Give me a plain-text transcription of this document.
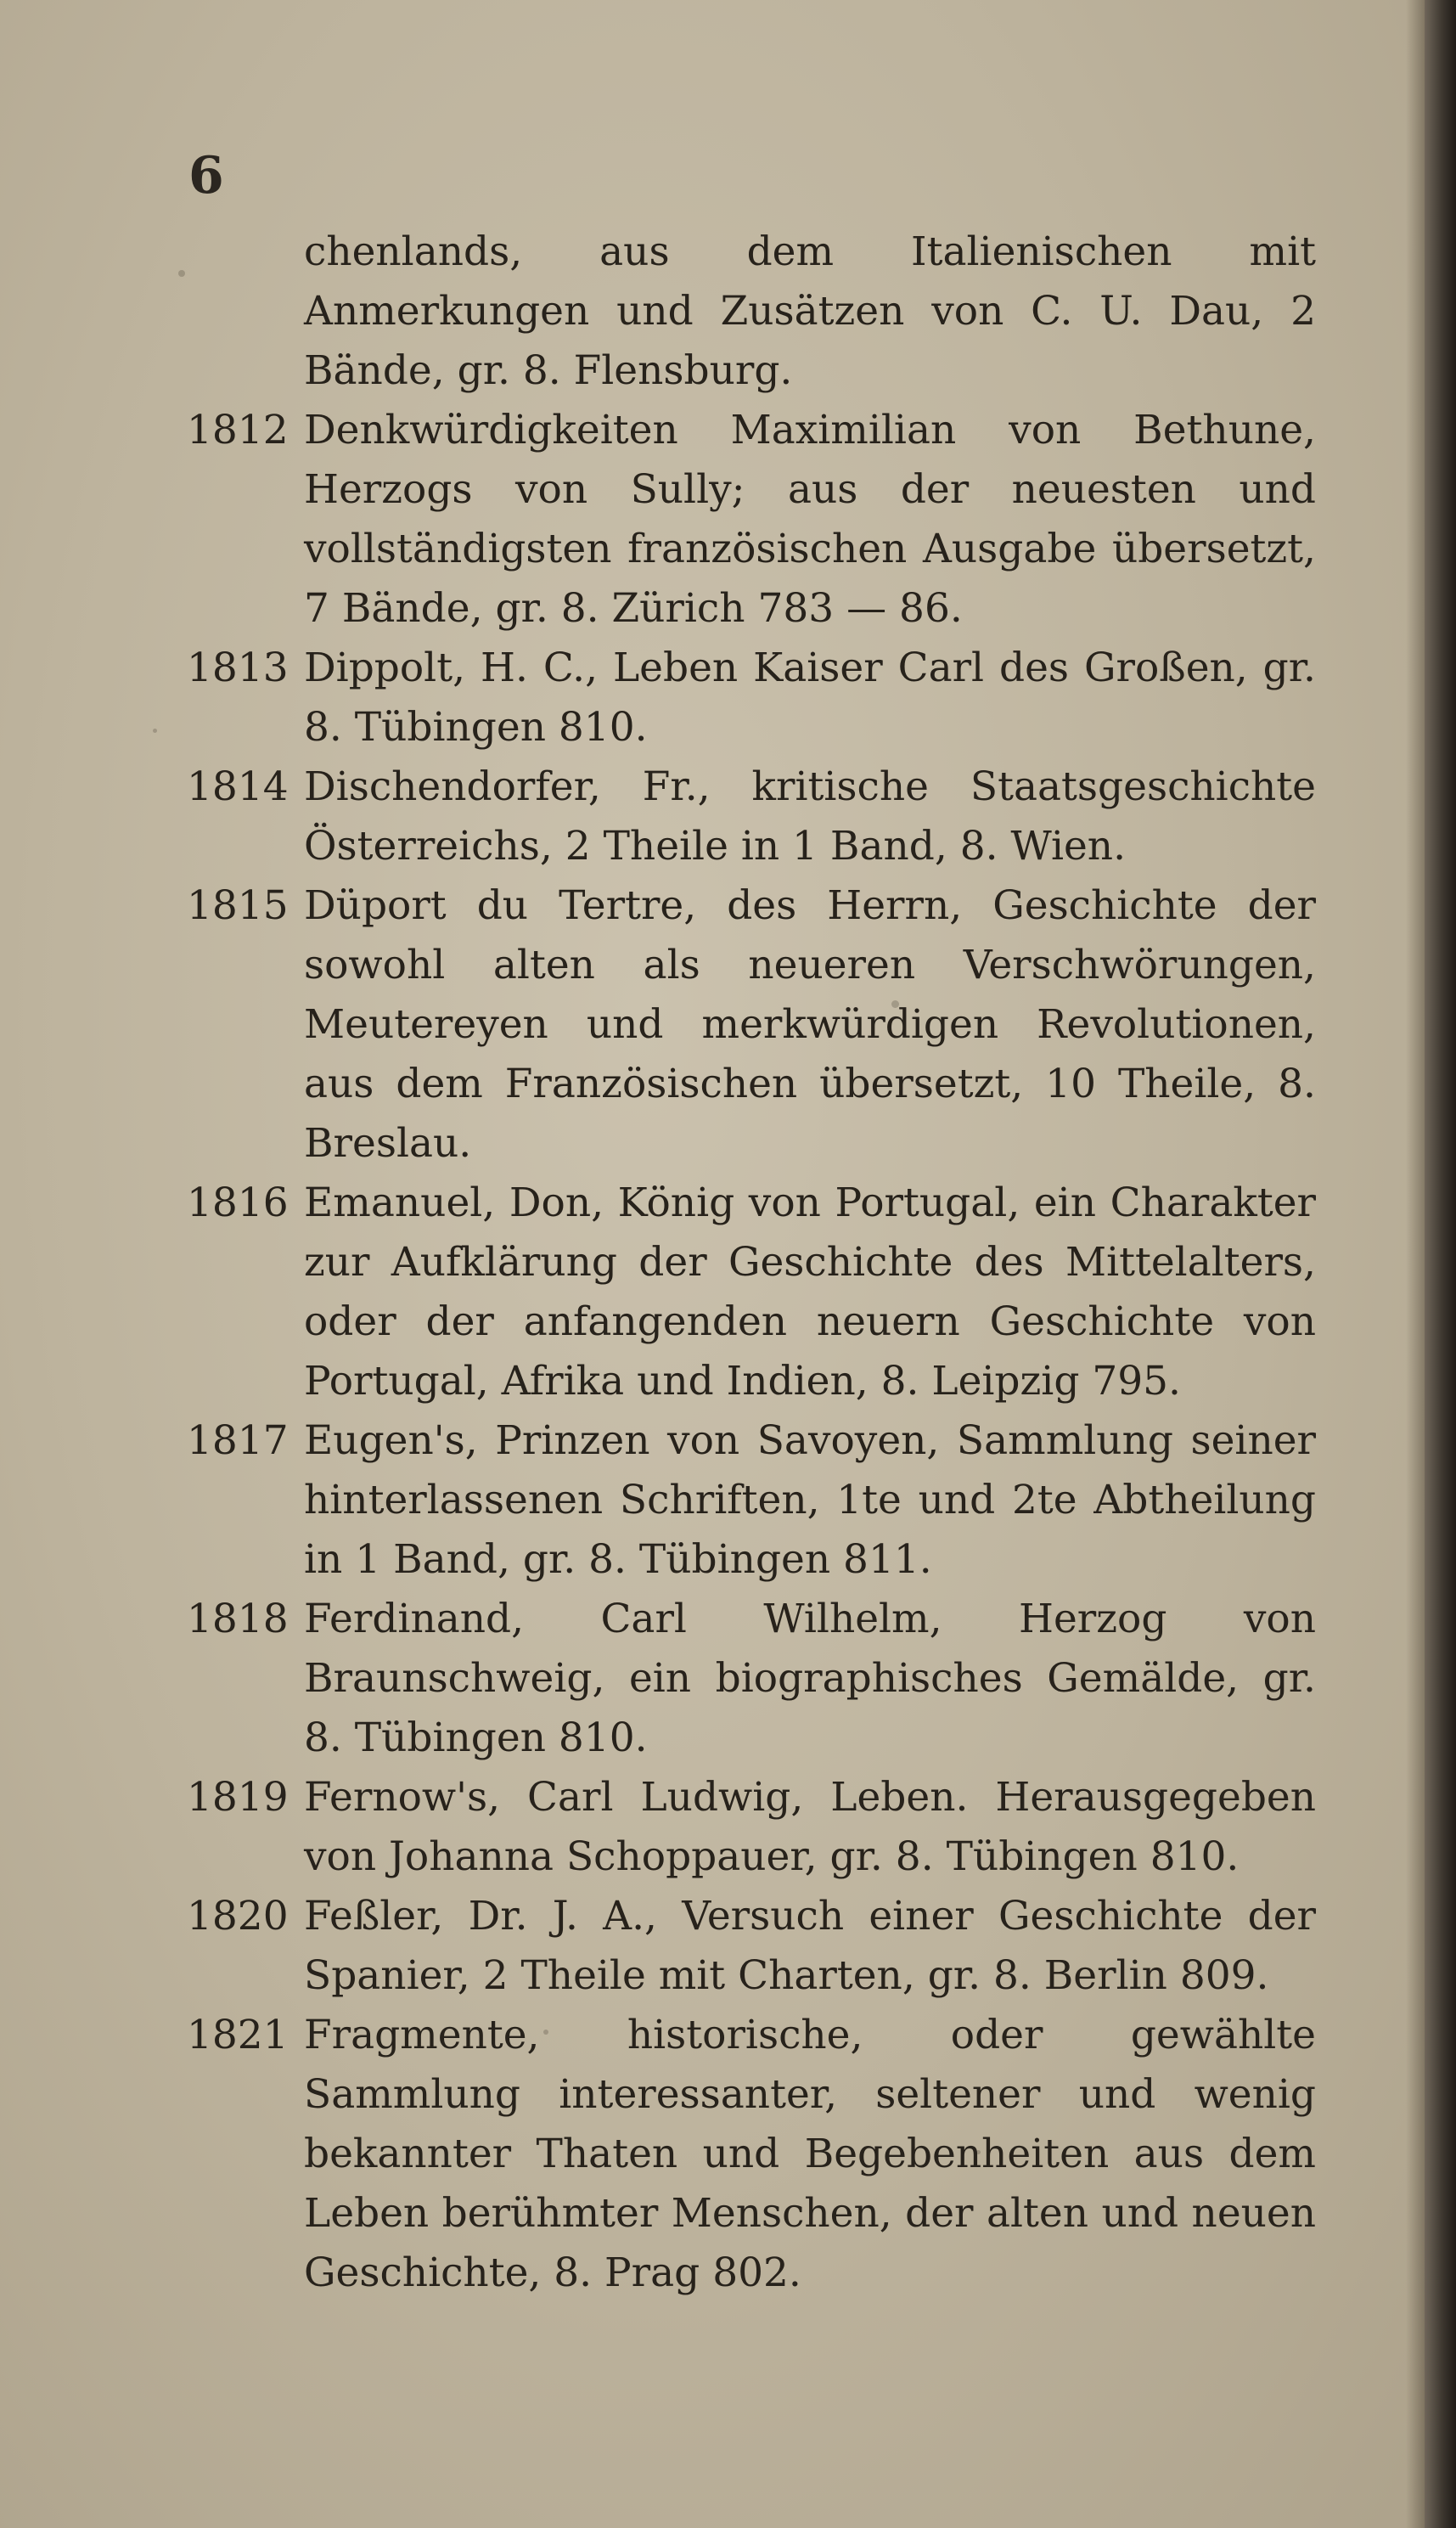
6
chenlands, aus dem Italienischen mit Anmerkungen und Zusätzen von C. U. Dau, 2 Bände, gr. 8. Flensburg.
1812 Denkwürdigkeiten Maximilian von Bethune, Herzogs von Sully; aus der neuesten und vollständigsten französischen Ausgabe übersetzt, 7 Bände, gr. 8. Zürich 783 — 86.
1813 Dippolt, H. C., Leben Kaiser Carl des Großen, gr. 8. Tübingen 810.
1814 Dischendorfer, Fr., kritische Staatsgeschichte Österreichs, 2 Theile in 1 Band, 8. Wien.
1815 Düport du Tertre, des Herrn, Geschichte der sowohl alten als neueren Verschwörungen, Meutereyen und merkwürdigen Revolutionen, aus dem Französischen übersetzt, 10 Theile, 8. Breslau.
1816 Emanuel, Don, König von Portugal, ein Charakter zur Aufklärung der Geschichte des Mittelalters, oder der anfangenden neuern Geschichte von Portugal, Afrika und Indien, 8. Leipzig 795.
1817 Eugen's, Prinzen von Savoyen, Sammlung seiner hinterlassenen Schriften, 1te und 2te Abtheilung in 1 Band, gr. 8. Tübingen 811.
1818 Ferdinand, Carl Wilhelm, Herzog von Braunschweig, ein biographisches Gemälde, gr. 8. Tübingen 810.
1819 Fernow's, Carl Ludwig, Leben. Herausgegeben von Johanna Schoppauer, gr. 8. Tübingen 810.
1820 Feßler, Dr. J. A., Versuch einer Geschichte der Spanier, 2 Theile mit Charten, gr. 8. Berlin 809.
1821 Fragmente, historische, oder gewählte Sammlung interessanter, seltener und wenig bekannter Thaten und Begebenheiten aus dem Leben berühmter Menschen, der alten und neuen Geschichte, 8. Prag 802.
